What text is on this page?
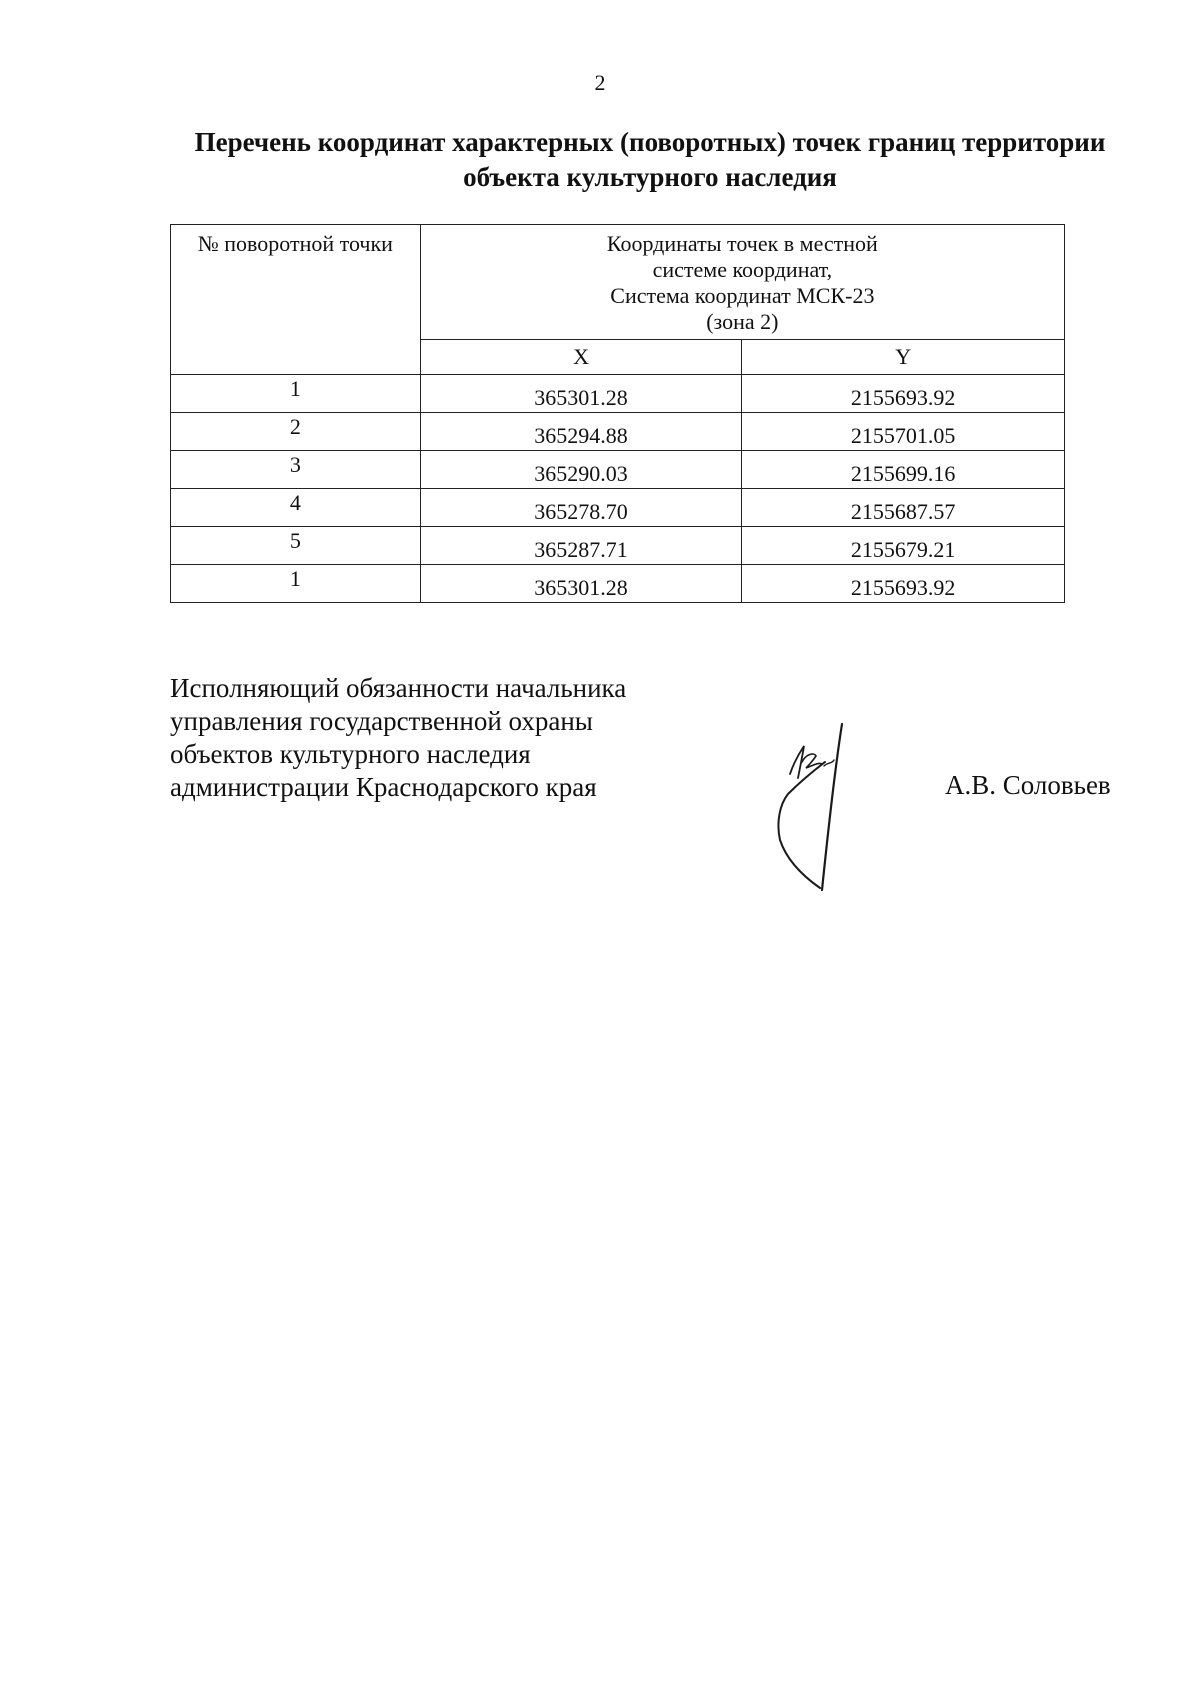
2
Перечень координат характерных (поворотных) точек границ территории
объекта культурного наследия
№ поворотной точки	Координаты точек в местной
системе координат,
Система координат МСК-23
(зона 2)	

	X	Y
1	365301.28	2155693.92
2	365294.88	2155701.05
3	365290.03	2155699.16
4	365278.70	2155687.57
5	365287.71	2155679.21
1	365301.28	2155693.92
Исполняющий обязанности начальника
управления государственной охраны
объектов культурного наследия
администрации Краснодарского края	А.В. Соловьев
